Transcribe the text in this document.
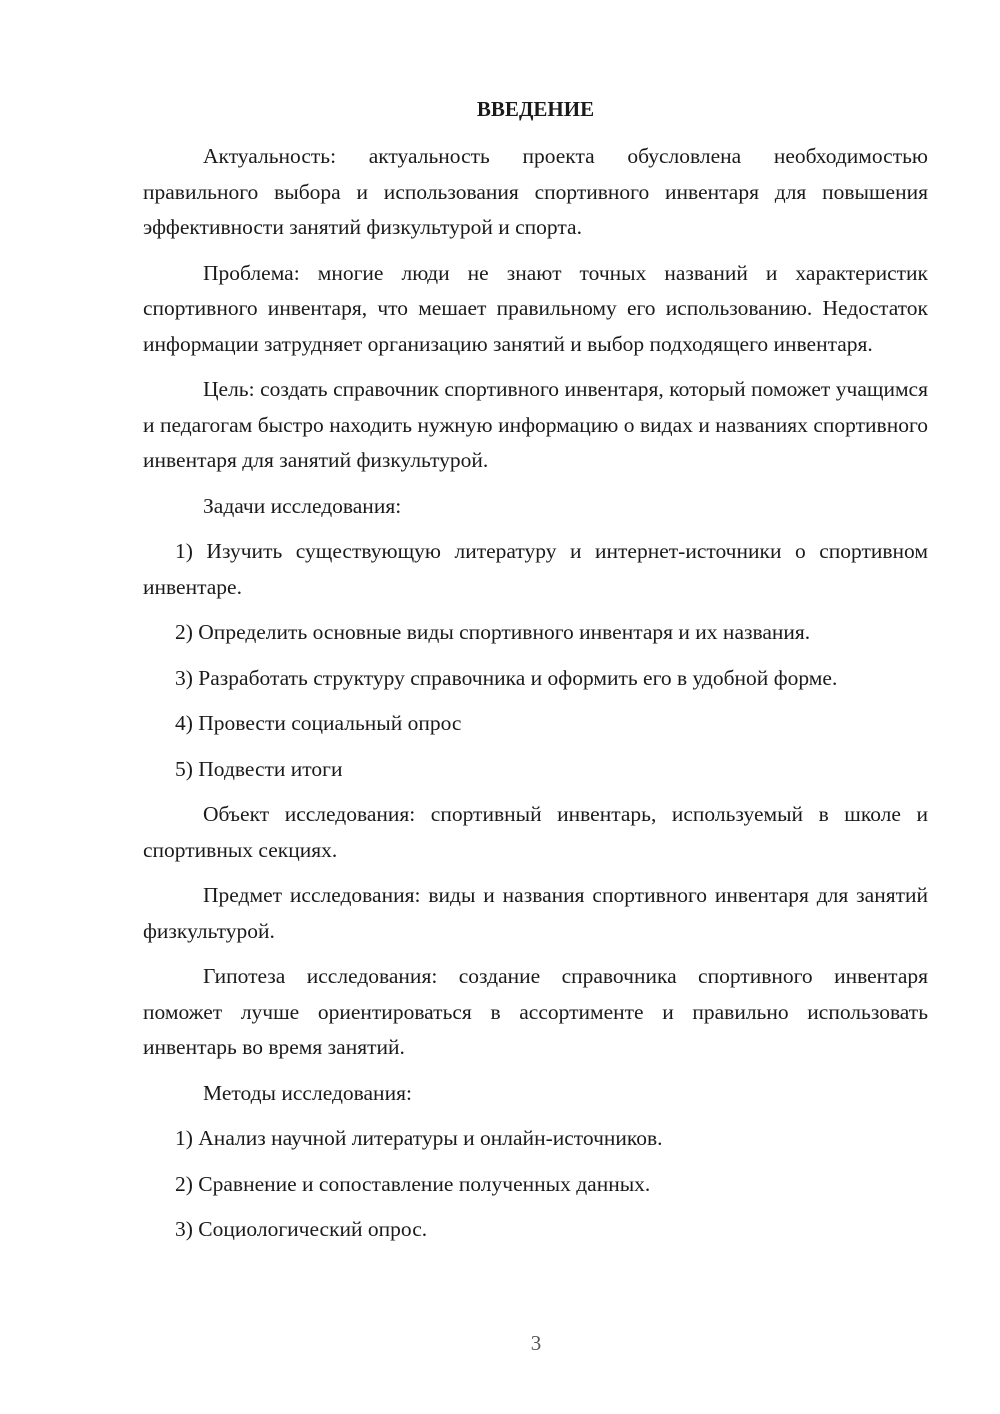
ВВЕДЕНИЕ

Актуальность: актуальность проекта обусловлена необходимостью правильного выбора и использования спортивного инвентаря для повышения эффективности занятий физкультурой и спорта.

Проблема: многие люди не знают точных названий и характеристик спортивного инвентаря, что мешает правильному его использованию. Недостаток информации затрудняет организацию занятий и выбор подходящего инвентаря.

Цель: создать справочник спортивного инвентаря, который поможет учащимся и педагогам быстро находить нужную информацию о видах и названиях спортивного инвентаря для занятий физкультурой.

Задачи исследования:

1) Изучить существующую литературу и интернет-источники о спортивном инвентаре.

2) Определить основные виды спортивного инвентаря и их названия.

3) Разработать структуру справочника и оформить его в удобной форме.

4) Провести социальный опрос

5) Подвести итоги

Объект исследования: спортивный инвентарь, используемый в школе и спортивных секциях.

Предмет исследования: виды и названия спортивного инвентаря для занятий физкультурой.

Гипотеза исследования: создание справочника спортивного инвентаря поможет лучше ориентироваться в ассортименте и правильно использовать инвентарь во время занятий.

Методы исследования:

1) Анализ научной литературы и онлайн-источников.

2) Сравнение и сопоставление полученных данных.

3) Социологический опрос.

3
